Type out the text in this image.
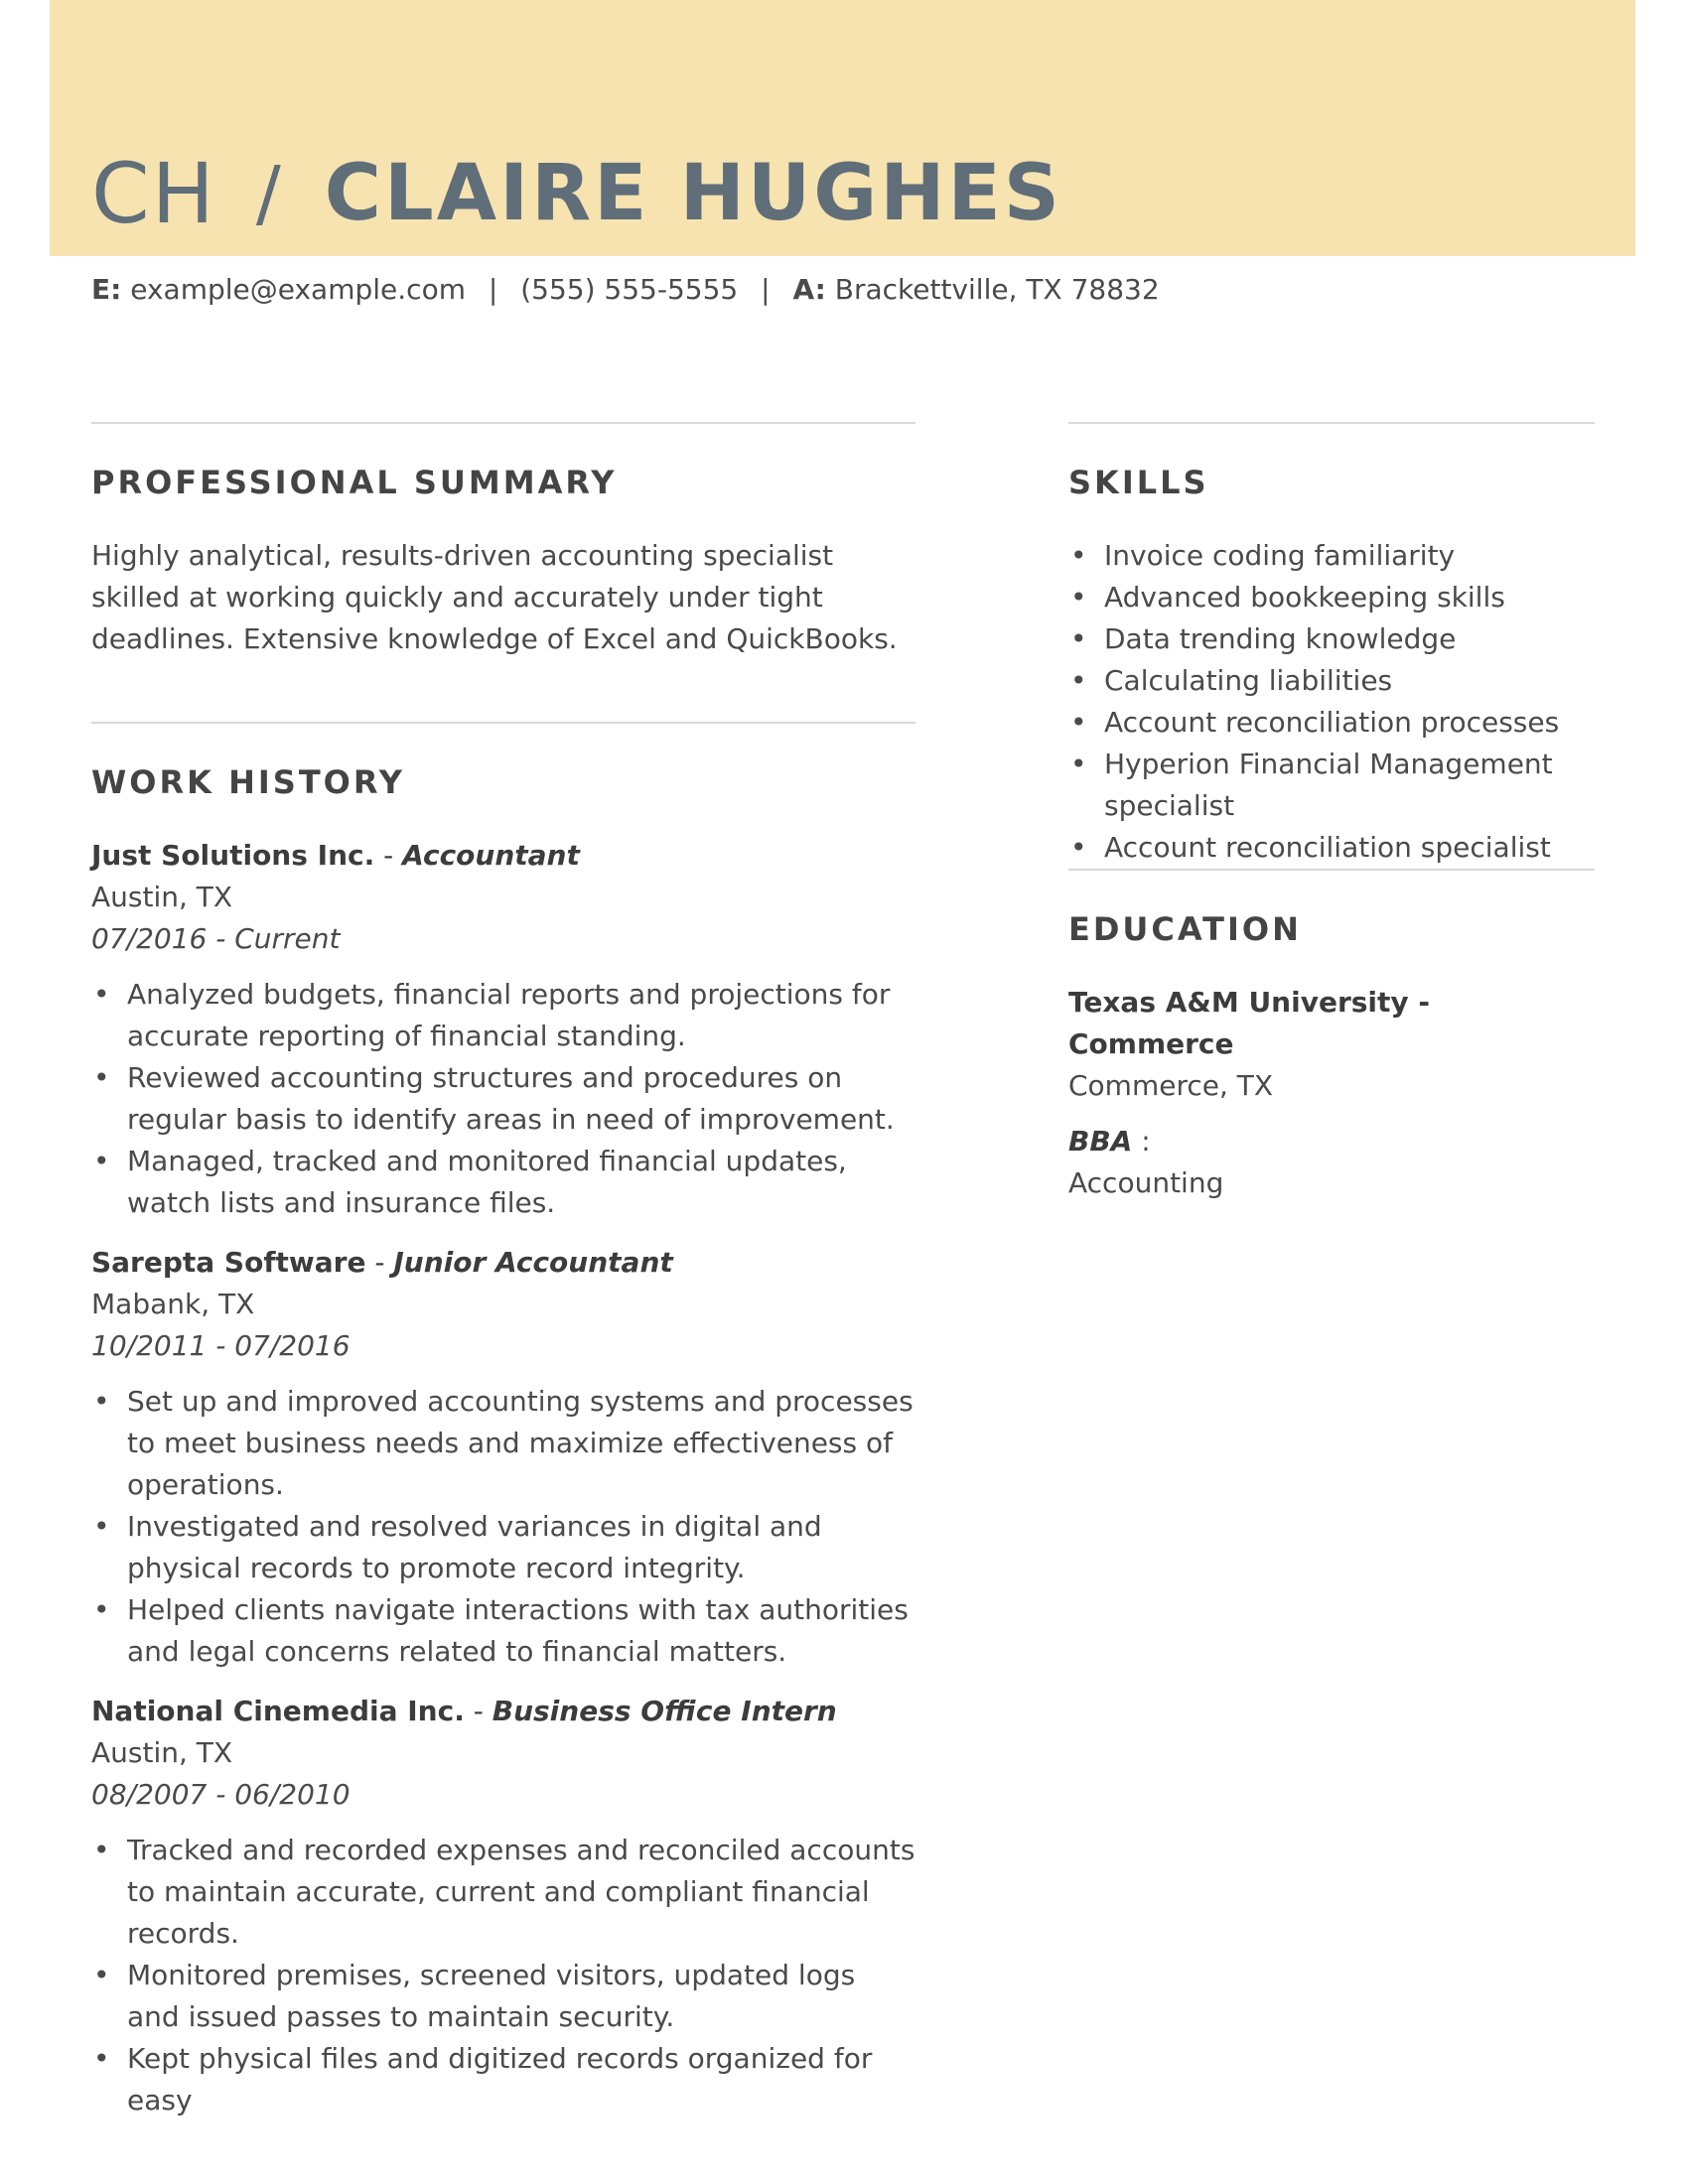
CH / CLAIRE HUGHES
E: example@example.com | (555) 555-5555 | A: Brackettville, TX 78832
PROFESSIONAL SUMMARY
Highly analytical, results-driven accounting specialist skilled at working quickly and accurately under tight deadlines. Extensive knowledge of Excel and QuickBooks.
WORK HISTORY
Just Solutions Inc. - Accountant
Austin, TX
07/2016 - Current
• Analyzed budgets, financial reports and projections for accurate reporting of financial standing.
• Reviewed accounting structures and procedures on regular basis to identify areas in need of improvement.
• Managed, tracked and monitored financial updates, watch lists and insurance files.
Sarepta Software - Junior Accountant
Mabank, TX
10/2011 - 07/2016
• Set up and improved accounting systems and processes to meet business needs and maximize effectiveness of operations.
• Investigated and resolved variances in digital and physical records to promote record integrity.
• Helped clients navigate interactions with tax authorities and legal concerns related to financial matters.
National Cinemedia Inc. - Business Office Intern
Austin, TX
08/2007 - 06/2010
• Tracked and recorded expenses and reconciled accounts to maintain accurate, current and compliant financial records.
• Monitored premises, screened visitors, updated logs and issued passes to maintain security.
• Kept physical files and digitized records organized for easy
SKILLS
• Invoice coding familiarity
• Advanced bookkeeping skills
• Data trending knowledge
• Calculating liabilities
• Account reconciliation processes
• Hyperion Financial Management specialist
• Account reconciliation specialist
EDUCATION
Texas A&M University - Commerce
Commerce, TX
BBA :
Accounting
